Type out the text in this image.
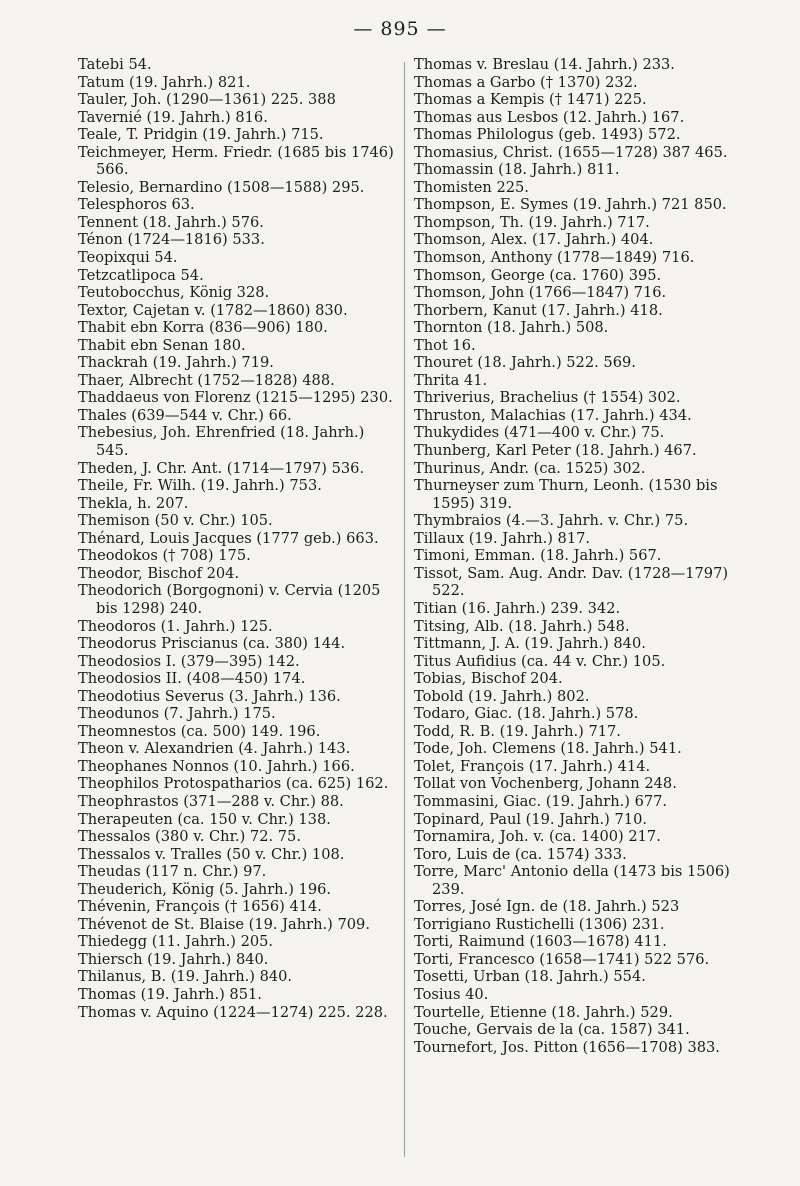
— 895 —
Tatebi 54.
Tatum (19. Jahrh.) 821.
Tauler, Joh. (1290—1361) 225. 388
Tavernié (19. Jahrh.) 816.
Teale, T. Pridgin (19. Jahrh.) 715.
Teichmeyer, Herm. Friedr. (1685 bis 1746) 566.
Telesio, Bernardino (1508—1588) 295.
Telesphoros 63.
Tennent (18. Jahrh.) 576.
Ténon (1724—1816) 533.
Teopixqui 54.
Tetzcatlipoca 54.
Teutobocchus, König 328.
Textor, Cajetan v. (1782—1860) 830.
Thabit ebn Korra (836—906) 180.
Thabit ebn Senan 180.
Thackrah (19. Jahrh.) 719.
Thaer, Albrecht (1752—1828) 488.
Thaddaeus von Florenz (1215—1295) 230.
Thales (639—544 v. Chr.) 66.
Thebesius, Joh. Ehrenfried (18. Jahrh.) 545.
Theden, J. Chr. Ant. (1714—1797) 536.
Theile, Fr. Wilh. (19. Jahrh.) 753.
Thekla, h. 207.
Themison (50 v. Chr.) 105.
Thénard, Louis Jacques (1777 geb.) 663.
Theodokos († 708) 175.
Theodor, Bischof 204.
Theodorich (Borgognoni) v. Cervia (1205 bis 1298) 240.
Theodoros (1. Jahrh.) 125.
Theodorus Priscianus (ca. 380) 144.
Theodosios I. (379—395) 142.
Theodosios II. (408—450) 174.
Theodotius Severus (3. Jahrh.) 136.
Theodunos (7. Jahrh.) 175.
Theomnestos (ca. 500) 149. 196.
Theon v. Alexandrien (4. Jahrh.) 143.
Theophanes Nonnos (10. Jahrh.) 166.
Theophilos Protospatharios (ca. 625) 162.
Theophrastos (371—288 v. Chr.) 88.
Therapeuten (ca. 150 v. Chr.) 138.
Thessalos (380 v. Chr.) 72. 75.
Thessalos v. Tralles (50 v. Chr.) 108.
Theudas (117 n. Chr.) 97.
Theuderich, König (5. Jahrh.) 196.
Thévenin, François († 1656) 414.
Thévenot de St. Blaise (19. Jahrh.) 709.
Thiedegg (11. Jahrh.) 205.
Thiersch (19. Jahrh.) 840.
Thilanus, B. (19. Jahrh.) 840.
Thomas (19. Jahrh.) 851.
Thomas v. Aquino (1224—1274) 225. 228.
Thomas v. Breslau (14. Jahrh.) 233.
Thomas a Garbo († 1370) 232.
Thomas a Kempis († 1471) 225.
Thomas aus Lesbos (12. Jahrh.) 167.
Thomas Philologus (geb. 1493) 572.
Thomasius, Christ. (1655—1728) 387 465.
Thomassin (18. Jahrh.) 811.
Thomisten 225.
Thompson, E. Symes (19. Jahrh.) 721 850.
Thompson, Th. (19. Jahrh.) 717.
Thomson, Alex. (17. Jahrh.) 404.
Thomson, Anthony (1778—1849) 716.
Thomson, George (ca. 1760) 395.
Thomson, John (1766—1847) 716.
Thorbern, Kanut (17. Jahrh.) 418.
Thornton (18. Jahrh.) 508.
Thot 16.
Thouret (18. Jahrh.) 522. 569.
Thrita 41.
Thriverius, Brachelius († 1554) 302.
Thruston, Malachias (17. Jahrh.) 434.
Thukydides (471—400 v. Chr.) 75.
Thunberg, Karl Peter (18. Jahrh.) 467.
Thurinus, Andr. (ca. 1525) 302.
Thurneyser zum Thurn, Leonh. (1530 bis 1595) 319.
Thymbraios (4.—3. Jahrh. v. Chr.) 75.
Tillaux (19. Jahrh.) 817.
Timoni, Emman. (18. Jahrh.) 567.
Tissot, Sam. Aug. Andr. Dav. (1728—1797) 522.
Titian (16. Jahrh.) 239. 342.
Titsing, Alb. (18. Jahrh.) 548.
Tittmann, J. A. (19. Jahrh.) 840.
Titus Aufidius (ca. 44 v. Chr.) 105.
Tobias, Bischof 204.
Tobold (19. Jahrh.) 802.
Todaro, Giac. (18. Jahrh.) 578.
Todd, R. B. (19. Jahrh.) 717.
Tode, Joh. Clemens (18. Jahrh.) 541.
Tolet, François (17. Jahrh.) 414.
Tollat von Vochenberg, Johann 248.
Tommasini, Giac. (19. Jahrh.) 677.
Topinard, Paul (19. Jahrh.) 710.
Tornamira, Joh. v. (ca. 1400) 217.
Toro, Luis de (ca. 1574) 333.
Torre, Marc' Antonio della (1473 bis 1506) 239.
Torres, José Ign. de (18. Jahrh.) 523
Torrigiano Rustichelli (1306) 231.
Torti, Raimund (1603—1678) 411.
Torti, Francesco (1658—1741) 522 576.
Tosetti, Urban (18. Jahrh.) 554.
Tosius 40.
Tourtelle, Etienne (18. Jahrh.) 529.
Touche, Gervais de la (ca. 1587) 341.
Tournefort, Jos. Pitton (1656—1708) 383.
